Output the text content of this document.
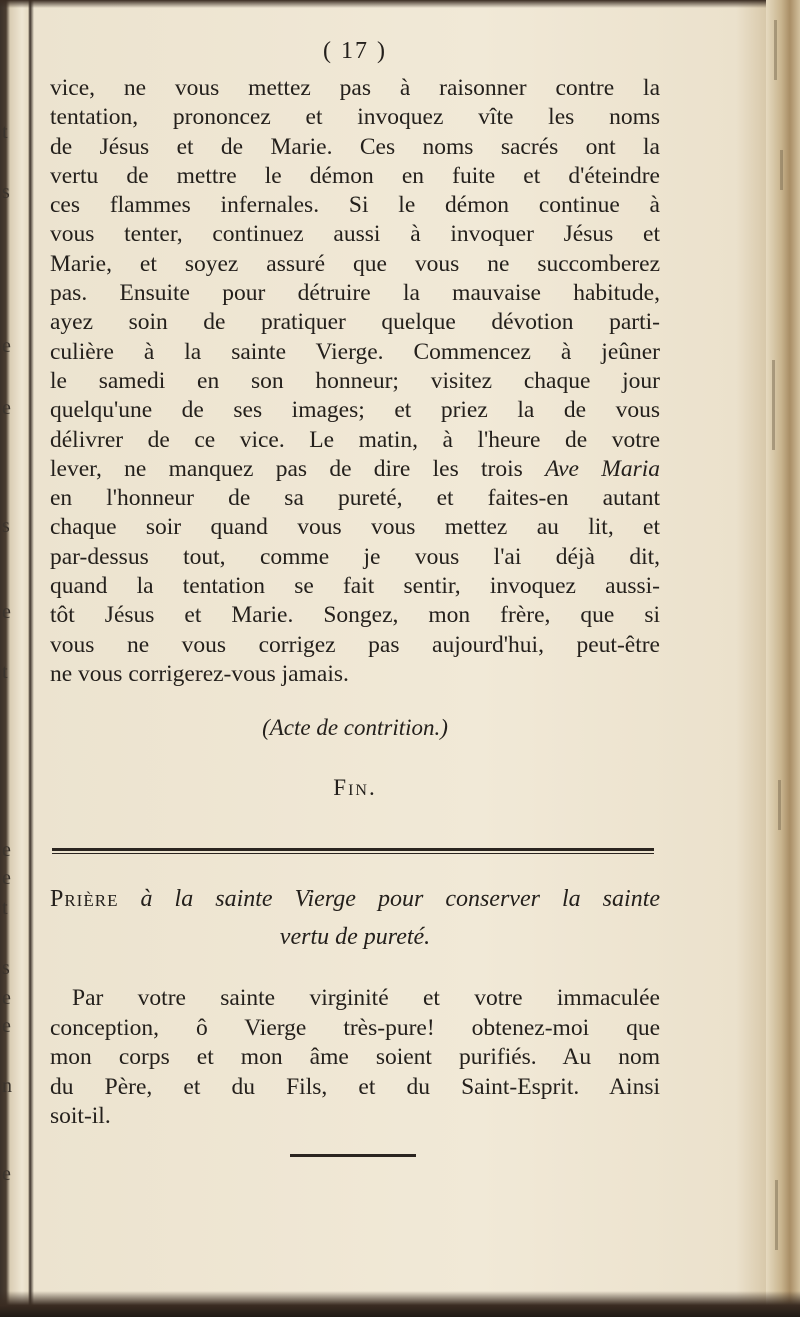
t
s
e
e
s
e
t
e
e
t
s
e
e
n
e
( 17 )
vice, ne vous mettez pas à raisonner contre la
tentation, prononcez et invoquez vîte les noms
de Jésus et de Marie. Ces noms sacrés ont la
vertu de mettre le démon en fuite et d'éteindre
ces flammes infernales. Si le démon continue à
vous tenter, continuez aussi à invoquer Jésus et
Marie, et soyez assuré que vous ne succomberez
pas. Ensuite pour détruire la mauvaise habitude,
ayez soin de pratiquer quelque dévotion parti-
culière à la sainte Vierge. Commencez à jeûner
le samedi en son honneur; visitez chaque jour
quelqu'une de ses images; et priez la de vous
délivrer de ce vice. Le matin, à l'heure de votre
lever, ne manquez pas de dire les trois Ave Maria
en l'honneur de sa pureté, et faites-en autant
chaque soir quand vous vous mettez au lit, et
par-dessus tout, comme je vous l'ai déjà dit,
quand la tentation se fait sentir, invoquez aussi-
tôt Jésus et Marie. Songez, mon frère, que si
vous ne vous corrigez pas aujourd'hui, peut-être
ne vous corrigerez-vous jamais.
(Acte de contrition.)
Fin.
Prière à la sainte Vierge pour conserver la sainte
vertu de pureté.
Par votre sainte virginité et votre immaculée
conception, ô Vierge très-pure! obtenez-moi que
mon corps et mon âme soient purifiés. Au nom
du Père, et du Fils, et du Saint-Esprit. Ainsi
soit-il.
